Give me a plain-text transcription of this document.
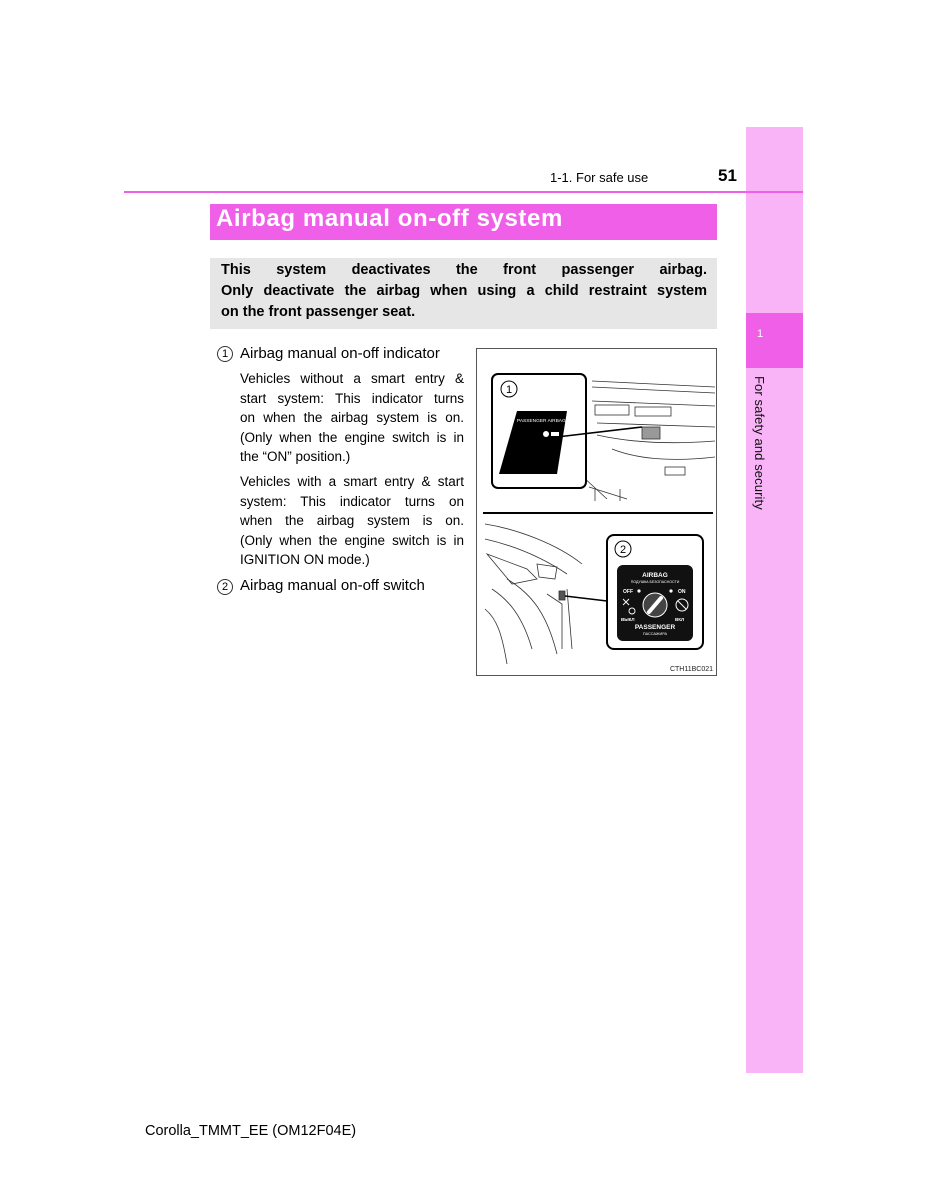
1
For safety and security
1-1. For safe use	51
Airbag manual on-off system
This system deactivates the front passenger airbag.
Only deactivate the airbag when using a child restraint system
on the front passenger seat.
1 Airbag manual on-off indicator
Vehicles without a smart entry &
start system: This indicator turns
on when the airbag system is on.
(Only when the engine switch is in
the “ON” position.)
Vehicles with a smart entry & start
system: This indicator turns on
when the airbag system is on.
(Only when the engine switch is in
IGNITION ON mode.)
2 Airbag manual on-off switch
PASSENGER AIRBAG
1
2
AIRBAG
ПОДУШКА БЕЗОПАСНОСТИ
OFF	ON
ВЫКЛ	ВКЛ
PASSENGER
ПАССАЖИРА
CTH11BC021
Corolla_TMMT_EE (OM12F04E)
